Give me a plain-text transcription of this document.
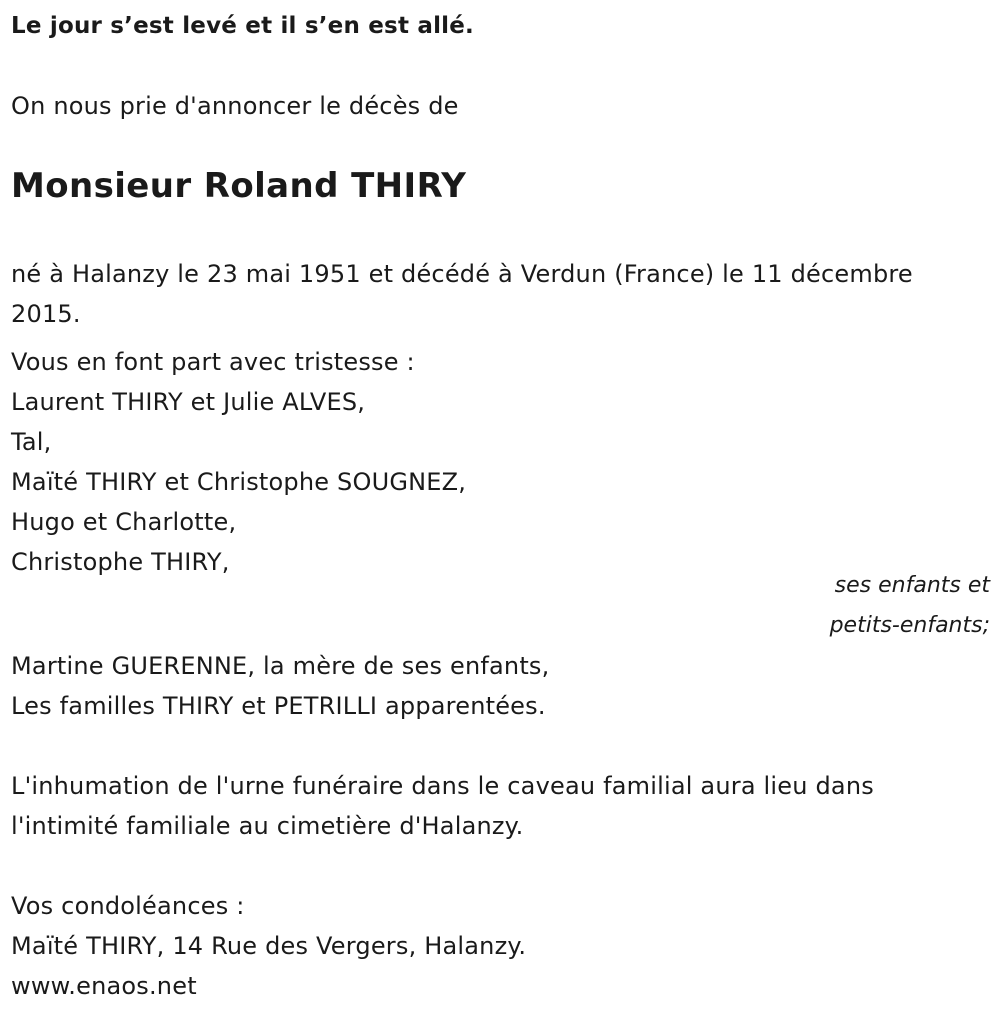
Le jour s’est levé et il s’en est allé.
On nous prie d'annoncer le décès de
Monsieur Roland THIRY
né à Halanzy le 23 mai 1951 et décédé à Verdun (France) le 11 décembre
2015.
Vous en font part avec tristesse :
Laurent THIRY et Julie ALVES,
Tal,
Maïté THIRY et Christophe SOUGNEZ,
Hugo et Charlotte,
Christophe THIRY,
ses enfants et
petits-enfants;
Martine GUERENNE, la mère de ses enfants,
Les familles THIRY et PETRILLI apparentées.
L'inhumation de l'urne funéraire dans le caveau familial aura lieu dans
l'intimité familiale au cimetière d'Halanzy.
Vos condoléances :
Maïté THIRY, 14 Rue des Vergers, Halanzy.
www.enaos.net
